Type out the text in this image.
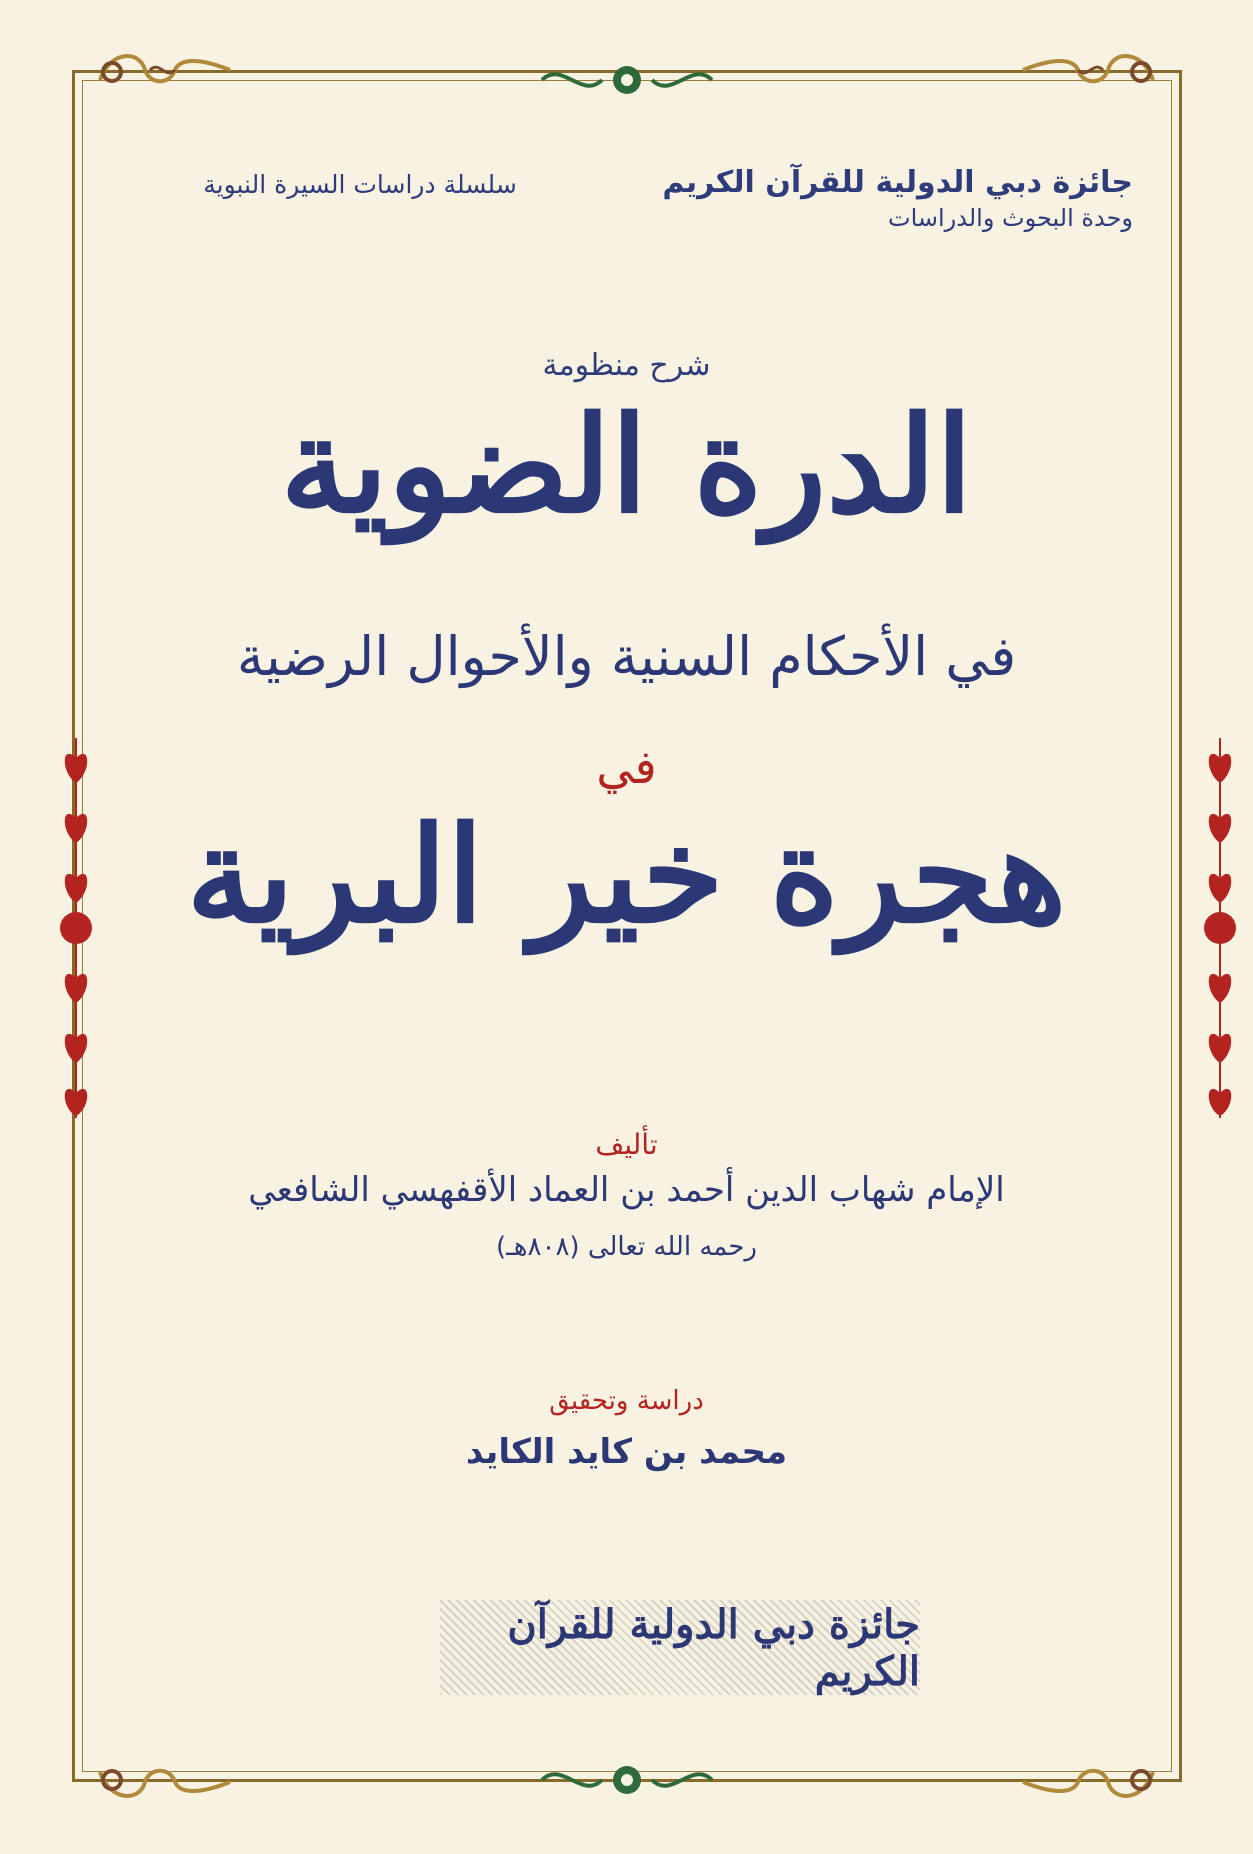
سلسلة دراسات السيرة النبوية	جائزة دبي الدولية للقرآن الكريم
وحدة البحوث والدراسات
شرح منظومة
الدرة الضوية
في الأحكام السنية والأحوال الرضية
في
هجرة خير البرية
تأليف
الإمام شهاب الدين أحمد بن العماد الأقفهسي الشافعي
رحمه الله تعالى (٨٠٨هـ)
دراسة وتحقيق
محمد بن كايد الكايد
جائزة دبي الدولية للقرآن الكريم
